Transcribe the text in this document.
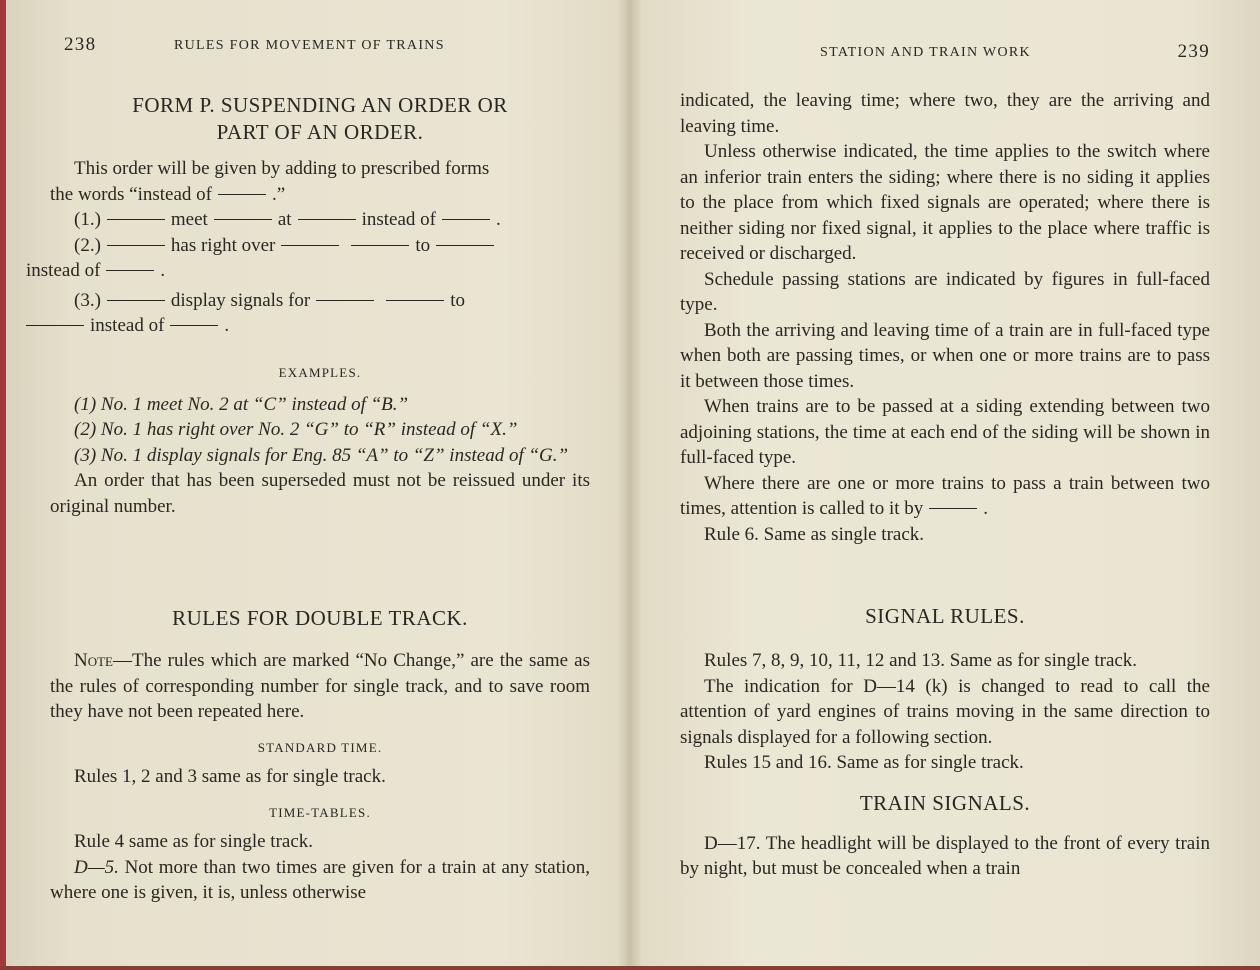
238	RULES FOR MOVEMENT OF TRAINS
FORM P. SUSPENDING AN ORDER OR
PART OF AN ORDER.

This order will be given by adding to prescribed forms
the words “instead of	.”

(1.)	meet	at	instead of	.

(2.)	has right over	to
instead of	.

(3.)	display signals for	to
instead of	.

EXAMPLES.

(1) No. 1 meet No. 2 at “C” instead of “B.”

(2) No. 1 has right over No. 2 “G” to “R” instead of “X.”

(3) No. 1 display signals for Eng. 85 “A” to “Z” instead of “G.”

An order that has been superseded must not be reissued under its original number.

RULES FOR DOUBLE TRACK.

Note—The rules which are marked “No Change,” are the same as the rules of corresponding number for single track, and to save room they have not been repeated here.

STANDARD TIME.

Rules 1, 2 and 3 same as for single track.

TIME-TABLES.

Rule 4 same as for single track.

D—5. Not more than two times are given for a train at any station, where one is given, it is, unless otherwise

STATION AND TRAIN WORK	239

indicated, the leaving time; where two, they are the arriving and leaving time.

Unless otherwise indicated, the time applies to the switch where an inferior train enters the siding; where there is no siding it applies to the place from which fixed signals are operated; where there is neither siding nor fixed signal, it applies to the place where traffic is received or discharged.

Schedule passing stations are indicated by figures in full-faced type.

Both the arriving and leaving time of a train are in full-faced type when both are passing times, or when one or more trains are to pass it between those times.

When trains are to be passed at a siding extending between two adjoining stations, the time at each end of the siding will be shown in full-faced type.

Where there are one or more trains to pass a train between two times, attention is called to it by	.

Rule 6. Same as single track.

SIGNAL RULES.

Rules 7, 8, 9, 10, 11, 12 and 13. Same as for single track.

The indication for D—14 (k) is changed to read to call the attention of yard engines of trains moving in the same direction to signals displayed for a following section.

Rules 15 and 16. Same as for single track.

TRAIN SIGNALS.

D—17. The headlight will be displayed to the front of every train by night, but must be concealed when a train
